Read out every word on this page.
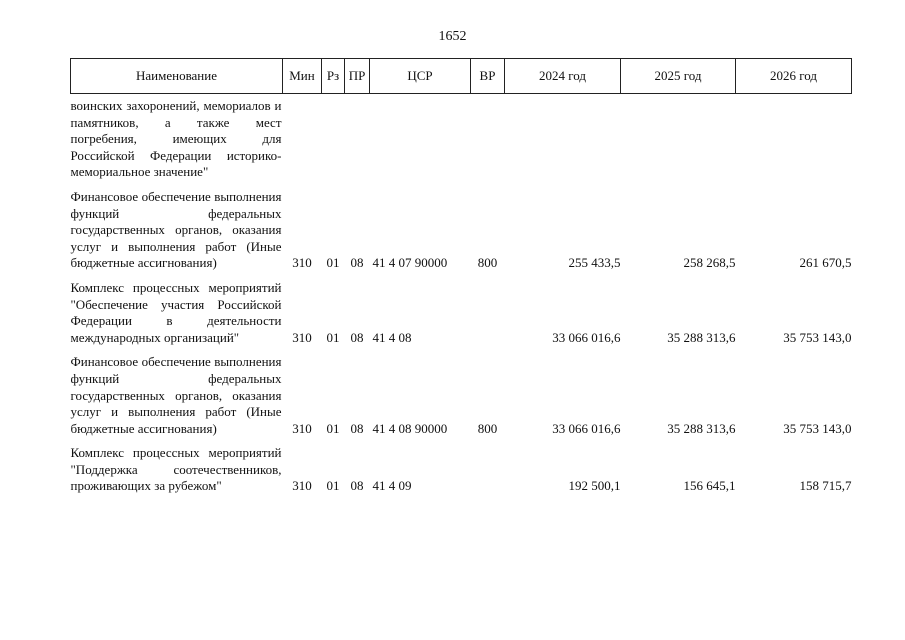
1652
Наименование	Мин	Рз	ПР	ЦСР	ВР	2024 год	2025 год	2026 год
воинских захоронений, мемориалов и памятников, а также мест погребения, имеющих для Российской Федерации историко-мемориальное значение"								

Финансовое обеспечение выполнения функций федеральных государственных органов, оказания услуг и выполнения работ (Иные бюджетные ассигнования)	310	01	08	41 4 07 90000	800	255 433,5	258 268,5	261 670,5

Комплекс процессных мероприятий "Обеспечение участия Российской Федерации в деятельности международных организаций"	310	01	08	41 4 08		33 066 016,6	35 288 313,6	35 753 143,0

Финансовое обеспечение выполнения функций федеральных государственных органов, оказания услуг и выполнения работ (Иные бюджетные ассигнования)	310	01	08	41 4 08 90000	800	33 066 016,6	35 288 313,6	35 753 143,0

Комплекс процессных мероприятий "Поддержка соотечественников, проживающих за рубежом"	310	01	08	41 4 09		192 500,1	156 645,1	158 715,7
